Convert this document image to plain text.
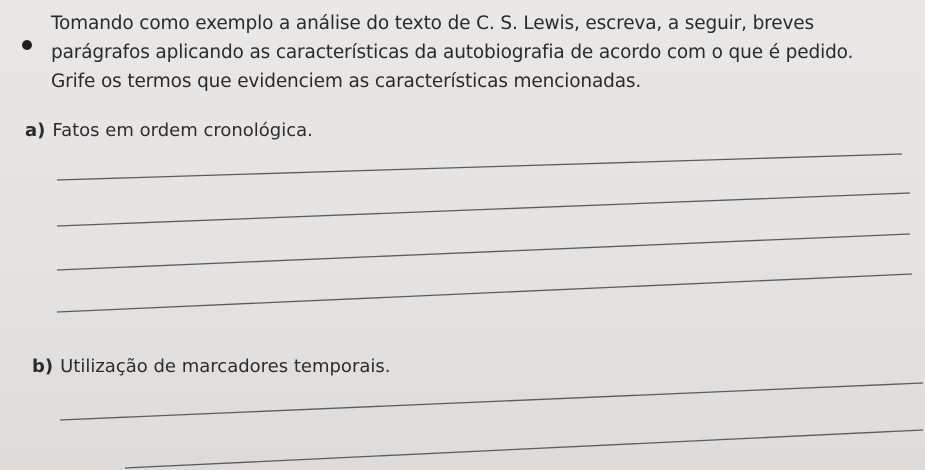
Tomando como exemplo a análise do texto de C. S. Lewis, escreva, a seguir, breves parágrafos aplicando as características da autobiografia de acordo com o que é pedido. Grife os termos que evidenciem as características mencionadas.
a) Fatos em ordem cronológica.
b) Utilização de marcadores temporais.
